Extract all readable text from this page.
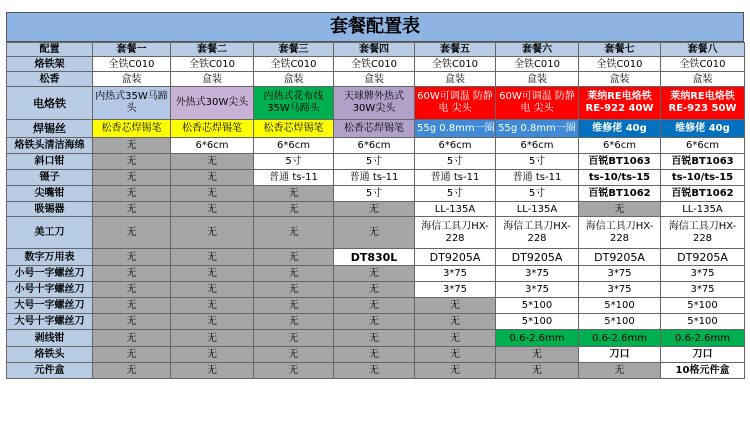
套餐配置表
配置	套餐一	套餐二	套餐三	套餐四	套餐五	套餐六	套餐七	套餐八
烙铁架	全铁C010	全铁C010	全铁C010	全铁C010	全铁C010	全铁C010	全铁C010	全铁C010
松香	盒装	盒装	盒装	盒装	盒装	盒装	盒装	盒装
电烙铁	内热式35W马蹄头	外热式30W尖头	内热式花布线35W马蹄头	天球牌外热式30W尖头	60W可调温 防静电 尖头	60W可调温 防静电 尖头	莱纳RE电烙铁RE-922 40W	莱纳RE电烙铁RE-923 50W
焊锡丝	松香芯焊锡笔	松香芯焊锡笔	松香芯焊锡笔	松香芯焊锡笔	55g 0.8mm一圈	55g 0.8mm一圈	维修佬 40g	维修佬 40g
烙铁头清洁海绵	无	6*6cm	6*6cm	6*6cm	6*6cm	6*6cm	6*6cm	6*6cm
斜口钳	无	无	5寸	5寸	5寸	5寸	百锐BT1063	百锐BT1063
镊子	无	无	普通 ts-11	普通 ts-11	普通 ts-11	普通 ts-11	ts-10/ts-15	ts-10/ts-15
尖嘴钳	无	无	无	5寸	5寸	5寸	百锐BT1062	百锐BT1062
吸锡器	无	无	无	无	LL-135A	LL-135A	无	LL-135A
美工刀	无	无	无	无	海信工具刀HX-228	海信工具刀HX-228	海信工具刀HX-228	海信工具刀HX-228
数字万用表	无	无	无	DT830L	DT9205A	DT9205A	DT9205A	DT9205A
小号一字螺丝刀	无	无	无	无	3*75	3*75	3*75	3*75
小号十字螺丝刀	无	无	无	无	3*75	3*75	3*75	3*75
大号一字螺丝刀	无	无	无	无	无	5*100	5*100	5*100
大号十字螺丝刀	无	无	无	无	无	5*100	5*100	5*100
剥线钳	无	无	无	无	无	0.6-2.6mm	0.6-2.6mm	0.6-2.6mm
烙铁头	无	无	无	无	无	无	刀口	刀口
元件盒	无	无	无	无	无	无	无	10格元件盒
